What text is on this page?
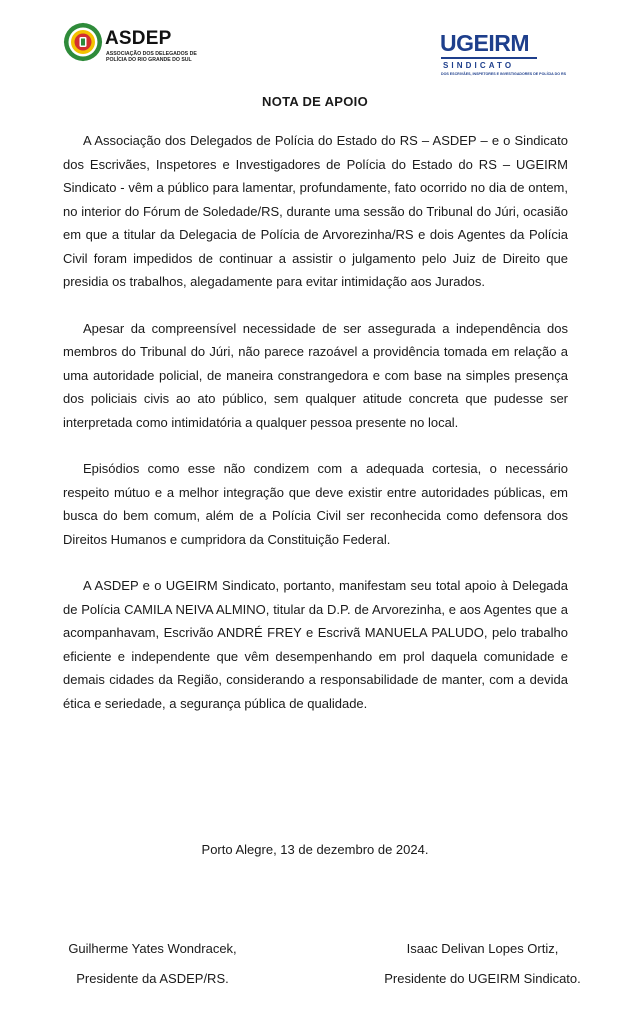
ASDEP
ASSOCIAÇÃO DOS DELEGADOS DE
POLÍCIA DO RIO GRANDE DO SUL
UGEIRM
SINDICATO
DOS ESCRIVÃES, INSPETORES E INVESTIGADORES DE POLÍCIA DO RS
NOTA DE APOIO

A Associação dos Delegados de Polícia do Estado do RS – ASDEP – e o Sindicato dos Escrivães, Inspetores e Investigadores de Polícia do Estado do RS – UGEIRM Sindicato - vêm a público para lamentar, profundamente, fato ocorrido no dia de ontem, no interior do Fórum de Soledade/RS, durante uma sessão do Tribunal do Júri, ocasião em que a titular da Delegacia de Polícia de Arvorezinha/RS e dois Agentes da Polícia Civil foram impedidos de continuar a assistir o julgamento pelo Juiz de Direito que presidia os trabalhos, alegadamente para evitar intimidação aos Jurados.

Apesar da compreensível necessidade de ser assegurada a independência dos membros do Tribunal do Júri, não parece razoável a providência tomada em relação a uma autoridade policial, de maneira constrangedora e com base na simples presença dos policiais civis ao ato público, sem qualquer atitude concreta que pudesse ser interpretada como intimidatória a qualquer pessoa presente no local.

Episódios como esse não condizem com a adequada cortesia, o necessário respeito mútuo e a melhor integração que deve existir entre autoridades públicas, em busca do bem comum, além de a Polícia Civil ser reconhecida como defensora dos Direitos Humanos e cumpridora da Constituição Federal.

A ASDEP e o UGEIRM Sindicato, portanto, manifestam seu total apoio à Delegada de Polícia CAMILA NEIVA ALMINO, titular da D.P. de Arvorezinha, e aos Agentes que a acompanhavam, Escrivão ANDRÉ FREY e Escrivã MANUELA PALUDO, pelo trabalho eficiente e independente que vêm desempenhando em prol daquela comunidade e demais cidades da Região, considerando a responsabilidade de manter, com a devida ética e seriedade, a segurança pública de qualidade.

Porto Alegre, 13 de dezembro de 2024.
Guilherme Yates Wondracek,
Presidente da ASDEP/RS.
Isaac Delivan Lopes Ortiz,
Presidente do UGEIRM Sindicato.
